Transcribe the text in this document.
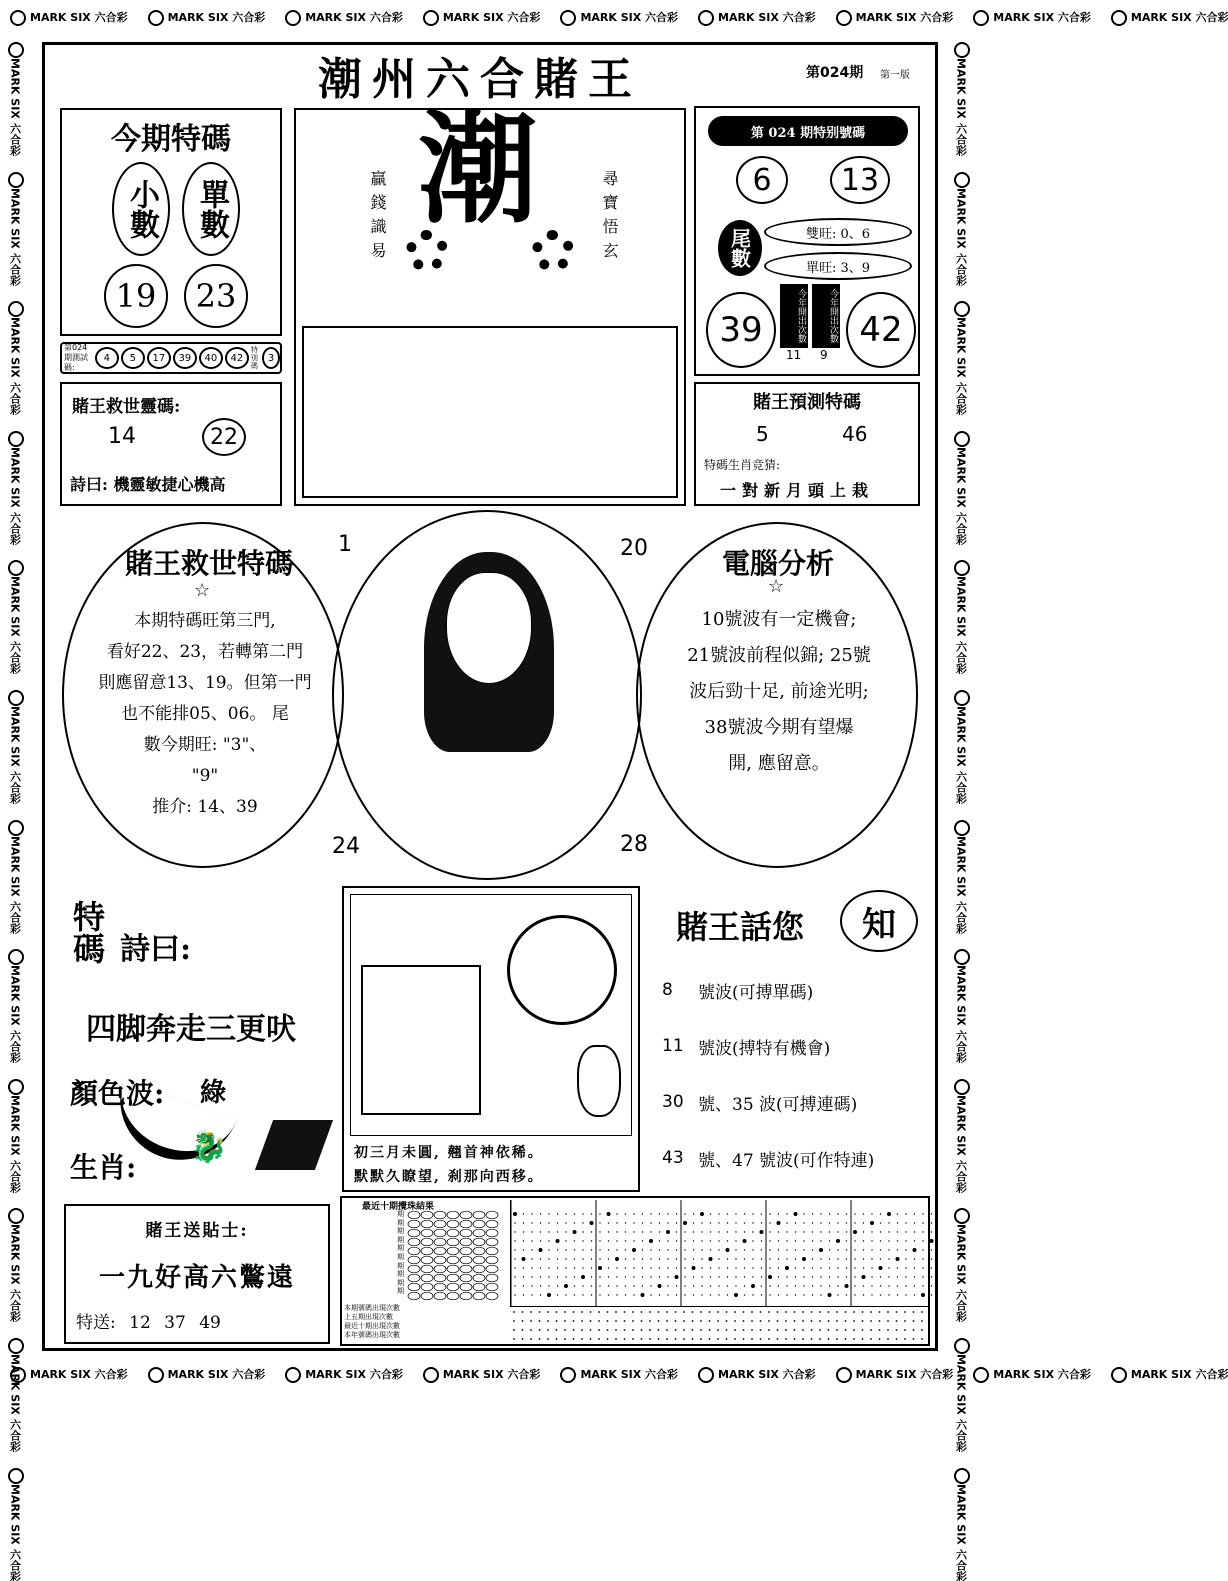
MARK SIX 六合彩	MARK SIX 六合彩	MARK SIX 六合彩	MARK SIX 六合彩	MARK SIX 六合彩	MARK SIX 六合彩	MARK SIX 六合彩	MARK SIX 六合彩	MARK SIX 六合彩
MARK SIX 六合彩	MARK SIX 六合彩	MARK SIX 六合彩	MARK SIX 六合彩	MARK SIX 六合彩	MARK SIX 六合彩	MARK SIX 六合彩	MARK SIX 六合彩	MARK SIX 六合彩
MARK SIX 六合彩
MARK SIX 六合彩
MARK SIX 六合彩
MARK SIX 六合彩
MARK SIX 六合彩
MARK SIX 六合彩
MARK SIX 六合彩
MARK SIX 六合彩
MARK SIX 六合彩
MARK SIX 六合彩
MARK SIX 六合彩
MARK SIX 六合彩
MARK SIX 六合彩
MARK SIX 六合彩
MARK SIX 六合彩
MARK SIX 六合彩
MARK SIX 六合彩
MARK SIX 六合彩
MARK SIX 六合彩
MARK SIX 六合彩
MARK SIX 六合彩
MARK SIX 六合彩
MARK SIX 六合彩
MARK SIX 六合彩
潮州六合賭王	第024期 第一版
今期特碼
小數	單數
19	23
第024期測試碼:
4	5	17	39	40	42
特別碼
3
賭王救世靈碼:
14	22
詩曰: 機靈敏捷心機高
潮
贏錢識易	尋寶悟玄
第 024 期特别號碼
6	13
尾數	雙旺: 0、6
單旺: 3、9
39	今年開出次數	今年開出次數
11 9
42
賭王預測特碼
5	46
特碼生肖竞猜:
一對新月頭上栽
賭王救世特碼
☆
本期特碼旺第三門,
看好22、23，若轉第二門
則應留意13、19。但第一門
也不能排05、06。 尾
數今期旺: "3"、
"9"
推介: 14、39
1	20
24	28
電腦分析
☆
10號波有一定機會;
21號波前程似錦; 25號
波后勁十足, 前途光明;
38號波今期有望爆
開, 應留意。
特碼 詩曰:
四脚奔走三更吠
顏色波: 綠
生肖:
🐉
賭王送貼士:
一九好高六鷩遠
特送: 12 37 49
初三月未圓, 翹首神依稀。
默默久瞭望, 刹那向西移。
賭王話您	知
8	號波(可搏單碼)
11 號波(搏特有機會)
30 號、35 波(可搏連碼)
43 號、47 號波(可作特連)
最近十期攪珠結果
期
期
期
期
期
期
期
期
期
期
本期號碼出現次數
上五期出現次數
最近十期出現次數
本年號碼出現次數
